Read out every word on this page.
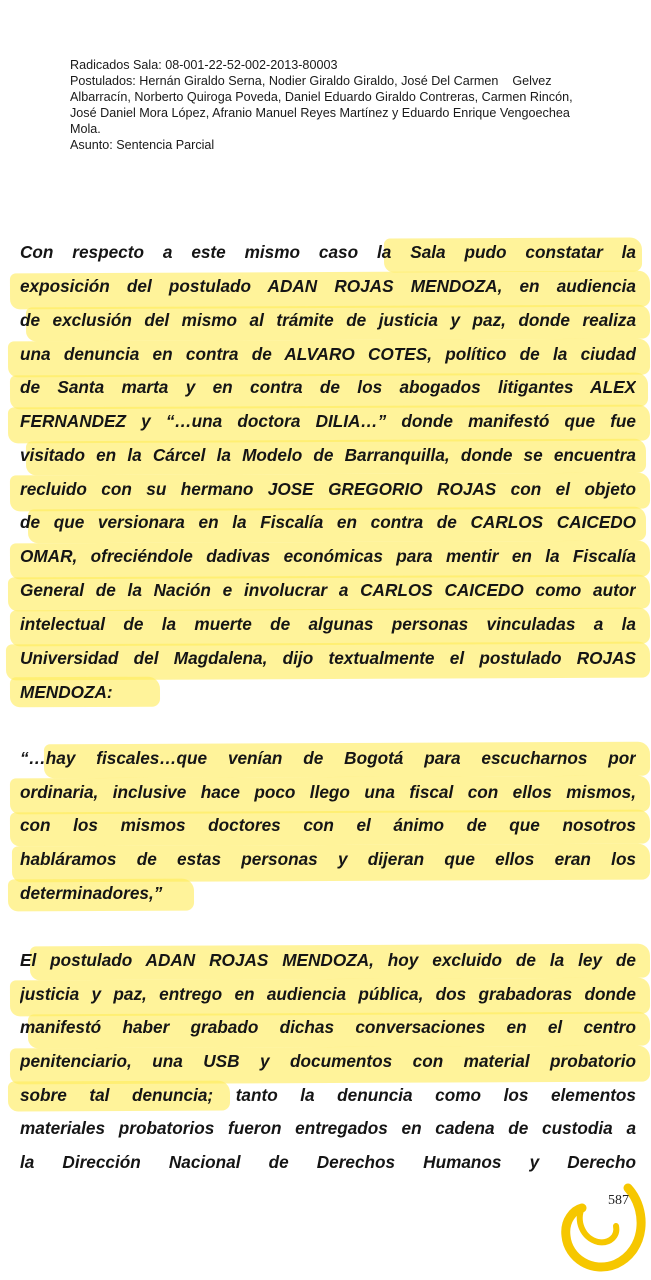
Radicados Sala: 08-001-22-52-002-2013-80003
Postulados: Hernán Giraldo Serna, Nodier Giraldo Giraldo, José Del Carmen    Gelvez
Albarracín, Norberto Quiroga Poveda, Daniel Eduardo Giraldo Contreras, Carmen Rincón,
José Daniel Mora López, Afranio Manuel Reyes Martínez y Eduardo Enrique Vengoechea
Mola.
Asunto: Sentencia Parcial
Con respecto a este mismo caso la Sala pudo constatar la
exposición del postulado ADAN ROJAS MENDOZA, en audiencia
de exclusión del mismo al trámite de justicia y paz, donde realiza
una denuncia en contra de ALVARO COTES, político de la ciudad
de Santa marta y en contra de los abogados litigantes ALEX
FERNANDEZ y “…una doctora DILIA…” donde manifestó que fue
visitado en la Cárcel la Modelo de Barranquilla, donde se encuentra
recluido con su hermano JOSE GREGORIO ROJAS con el objeto
de que versionara en la Fiscalía en contra de CARLOS CAICEDO
OMAR, ofreciéndole dadivas económicas para mentir en la Fiscalía
General de la Nación e involucrar a CARLOS CAICEDO como autor
intelectual de la muerte de algunas personas vinculadas a la
Universidad del Magdalena, dijo textualmente el postulado ROJAS
MENDOZA:
“…hay fiscales…que venían de Bogotá para escucharnos por
ordinaria, inclusive hace poco llego una fiscal con ellos mismos,
con los mismos doctores con el ánimo de que nosotros
habláramos de estas personas y dijeran que ellos eran los
determinadores,”
El postulado ADAN ROJAS MENDOZA, hoy excluido de la ley de
justicia y paz, entrego en audiencia pública, dos grabadoras donde
manifestó haber grabado dichas conversaciones en el centro
penitenciario, una USB y documentos con material probatorio
sobre tal denuncia; tanto la denuncia como los elementos
materiales probatorios fueron entregados en cadena de custodia a
la Dirección Nacional de Derechos Humanos y Derecho
587
